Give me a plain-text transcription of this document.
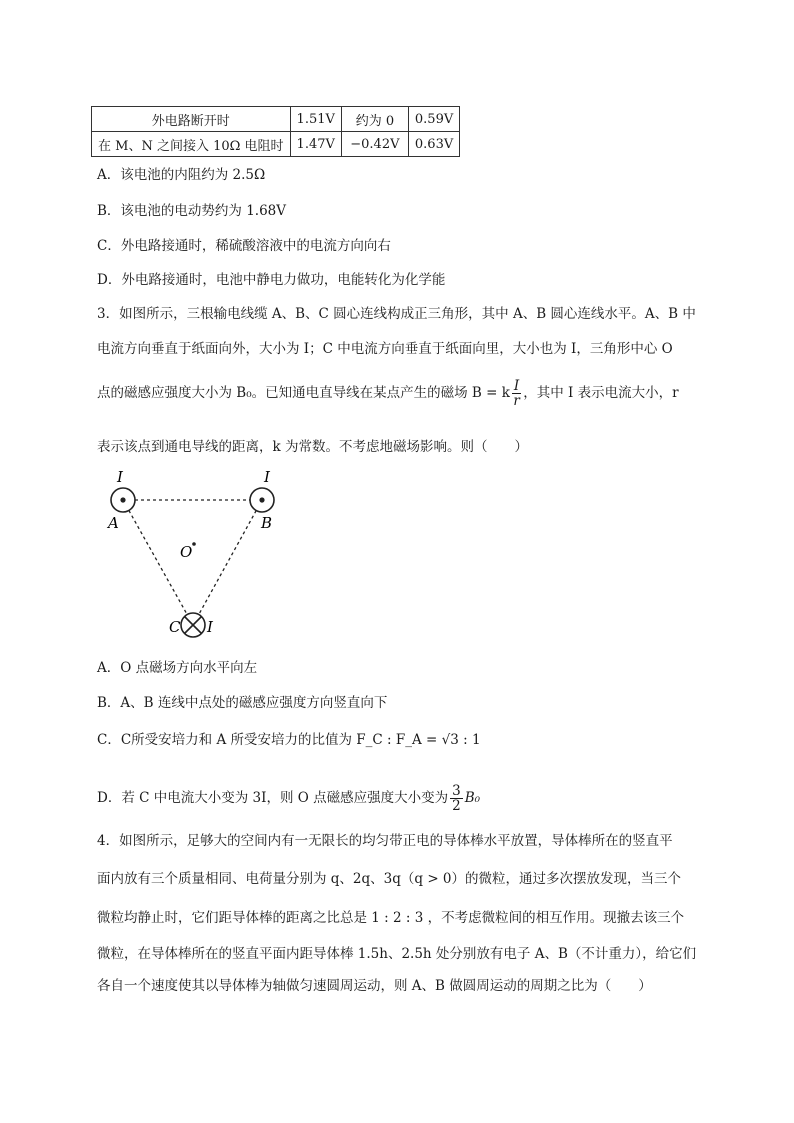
外电路断开时	1.51V	约为 0	0.59V
在 M、N 之间接入 10Ω 电阻时	1.47V	−0.42V	0.63V
A．该电池的内阻约为 2.5Ω
B．该电池的电动势约为 1.68V
C．外电路接通时，稀硫酸溶液中的电流方向向右
D．外电路接通时，电池中静电力做功，电能转化为化学能
3．如图所示，三根输电线缆 A、B、C 圆心连线构成正三角形，其中 A、B 圆心连线水平。A、B 中
电流方向垂直于纸面向外，大小为 I；C 中电流方向垂直于纸面向里，大小也为 I，三角形中心 O
点的磁感应强度大小为 B₀。已知通电直导线在某点产生的磁场 B = k $\frac{I}{r}$ ，其中 I 表示电流大小，r
表示该点到通电导线的距离，k 为常数。不考虑地磁场影响。则（　　）
I	I
I
A	B
C
O
A．O 点磁场方向水平向左
B．A、B 连线中点处的磁感应强度方向竖直向下
C．C所受安培力和 A 所受安培力的比值为 F_C : F_A = √3 : 1
D．若 C 中电流大小变为 3I，则 O 点磁感应强度大小变为 $\frac{3}{2} B_0$
4．如图所示，足够大的空间内有一无限长的均匀带正电的导体棒水平放置，导体棒所在的竖直平
面内放有三个质量相同、电荷量分别为 q、2q、3q（q > 0）的微粒，通过多次摆放发现，当三个
微粒均静止时，它们距导体棒的距离之比总是 1 : 2 : 3 ，不考虑微粒间的相互作用。现撤去该三个
微粒，在导体棒所在的竖直平面内距导体棒 1.5h、2.5h 处分别放有电子 A、B（不计重力），给它们
各自一个速度使其以导体棒为轴做匀速圆周运动，则 A、B 做圆周运动的周期之比为（　　）
